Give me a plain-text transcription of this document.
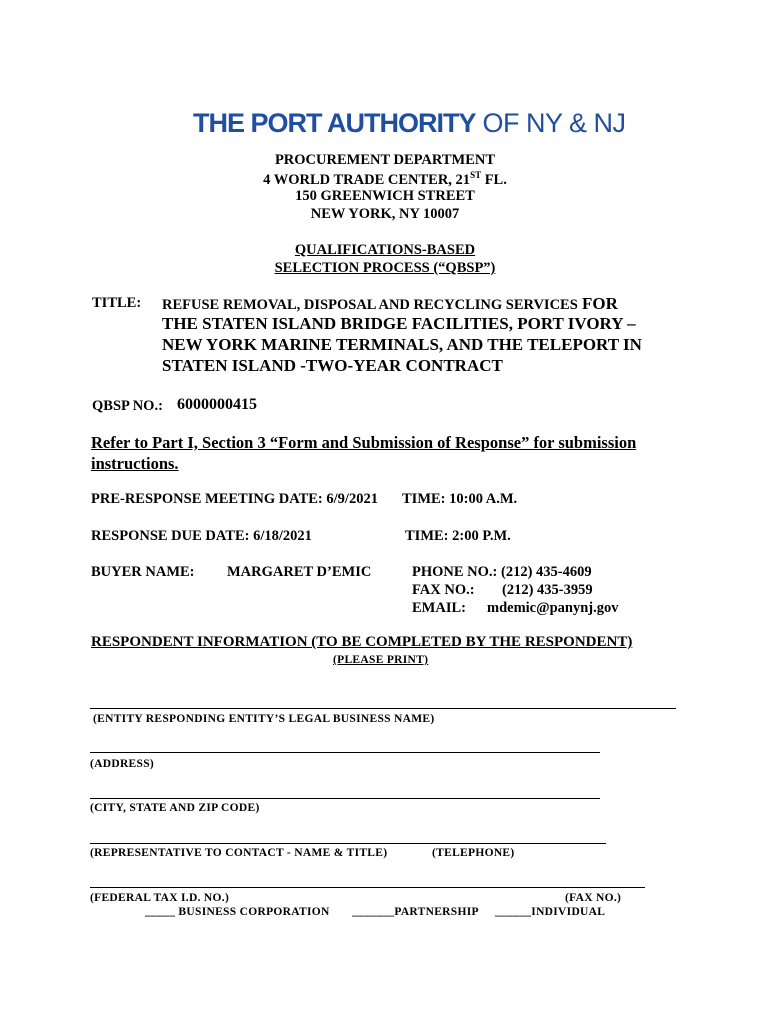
THE PORT AUTHORITY OF NY & NJ
PROCUREMENT DEPARTMENT
4 WORLD TRADE CENTER, 21ST FL.
150 GREENWICH STREET
NEW YORK, NY 10007
QUALIFICATIONS-BASED
SELECTION PROCESS (“QBSP”)
TITLE: REFUSE REMOVAL, DISPOSAL AND RECYCLING SERVICES FOR
THE STATEN ISLAND BRIDGE FACILITIES, PORT IVORY –
NEW YORK MARINE TERMINALS, AND THE TELEPORT IN
STATEN ISLAND -TWO-YEAR CONTRACT
QBSP NO.: 6000000415
Refer to Part I, Section 3 “Form and Submission of Response” for submission
instructions.
PRE-RESPONSE MEETING DATE: 6/9/2021 TIME: 10:00 A.M.
RESPONSE DUE DATE: 6/18/2021	TIME: 2:00 P.M.
BUYER NAME: MARGARET D’EMIC	PHONE NO.: (212) 435-4609
FAX NO.: (212) 435-3959
EMAIL: mdemic@panynj.gov
RESPONDENT INFORMATION (TO BE COMPLETED BY THE RESPONDENT)
(PLEASE PRINT)
(ENTITY RESPONDING ENTITY’S LEGAL BUSINESS NAME)
(ADDRESS)
(CITY, STATE AND ZIP CODE)
(REPRESENTATIVE TO CONTACT - NAME & TITLE)	(TELEPHONE)
(FEDERAL TAX I.D. NO.)	(FAX NO.)
_____ BUSINESS CORPORATION _______PARTNERSHIP ______INDIVIDUAL
